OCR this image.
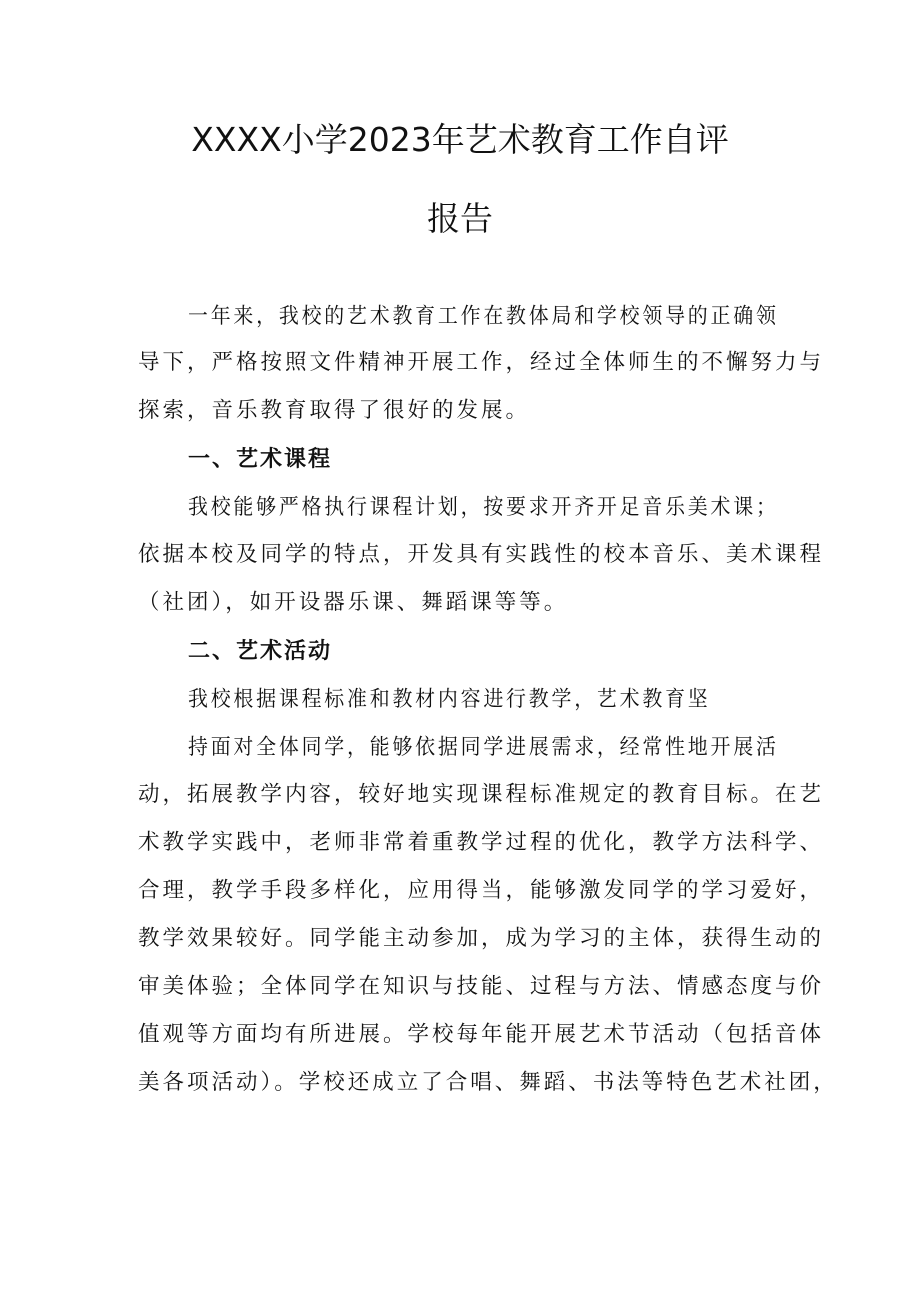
XXXX小学2023年艺术教育工作自评
报告
一年来，我校的艺术教育工作在教体局和学校领导的正确领
导下，严格按照文件精神开展工作，经过全体师生的不懈努力与
探索，音乐教育取得了很好的发展。
一、艺术课程
我校能够严格执行课程计划，按要求开齐开足音乐美术课；
依据本校及同学的特点，开发具有实践性的校本音乐、美术课程
（社团），如开设器乐课、舞蹈课等等。
二、艺术活动
我校根据课程标准和教材内容进行教学，艺术教育坚
持面对全体同学，能够依据同学进展需求，经常性地开展活
动，拓展教学内容，较好地实现课程标准规定的教育目标。在艺
术教学实践中，老师非常着重教学过程的优化，教学方法科学、
合理，教学手段多样化，应用得当，能够激发同学的学习爱好，
教学效果较好。同学能主动参加，成为学习的主体，获得生动的
审美体验；全体同学在知识与技能、过程与方法、情感态度与价
值观等方面均有所进展。学校每年能开展艺术节活动（包括音体
美各项活动）。学校还成立了合唱、舞蹈、书法等特色艺术社团，
